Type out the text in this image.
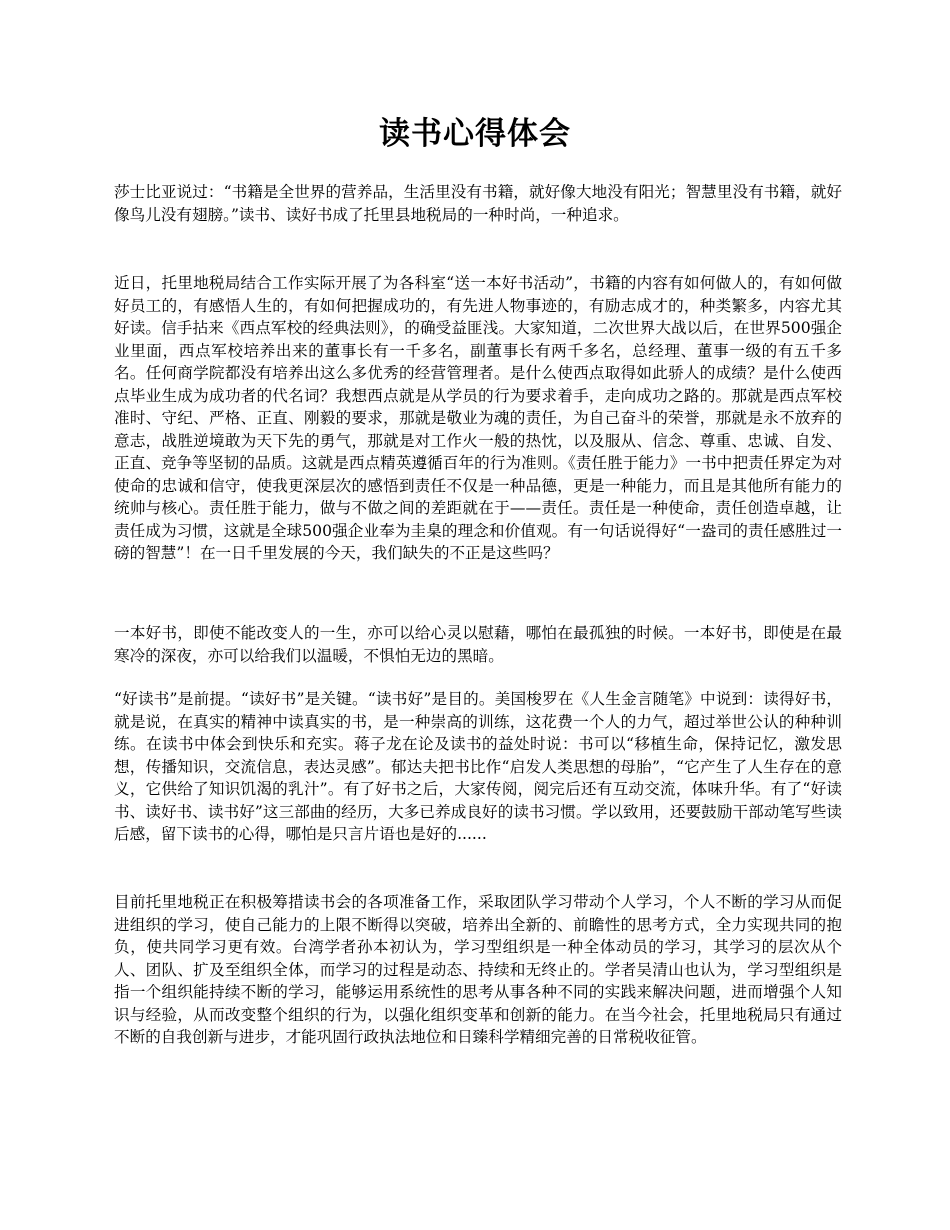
读书心得体会
莎士比亚说过：“书籍是全世界的营养品，生活里没有书籍，就好像大地没有阳光；智慧里没有书籍，就好像鸟儿没有翅膀。”读书、读好书成了托里县地税局的一种时尚，一种追求。
近日，托里地税局结合工作实际开展了为各科室“送一本好书活动”，书籍的内容有如何做人的，有如何做好员工的，有感悟人生的，有如何把握成功的，有先进人物事迹的，有励志成才的，种类繁多，内容尤其好读。信手拈来《西点军校的经典法则》，的确受益匪浅。大家知道，二次世界大战以后，在世界500强企业里面，西点军校培养出来的董事长有一千多名，副董事长有两千多名，总经理、董事一级的有五千多名。任何商学院都没有培养出这么多优秀的经营管理者。是什么使西点取得如此骄人的成绩？是什么使西点毕业生成为成功者的代名词？我想西点就是从学员的行为要求着手，走向成功之路的。那就是西点军校准时、守纪、严格、正直、刚毅的要求，那就是敬业为魂的责任，为自己奋斗的荣誉，那就是永不放弃的意志，战胜逆境敢为天下先的勇气，那就是对工作火一般的热忱，以及服从、信念、尊重、忠诚、自发、正直、竞争等坚韧的品质。这就是西点精英遵循百年的行为准则。《责任胜于能力》一书中把责任界定为对使命的忠诚和信守，使我更深层次的感悟到责任不仅是一种品德，更是一种能力，而且是其他所有能力的统帅与核心。责任胜于能力，做与不做之间的差距就在于——责任。责任是一种使命，责任创造卓越，让责任成为习惯，这就是全球500强企业奉为圭臬的理念和价值观。有一句话说得好“一盎司的责任感胜过一磅的智慧”！在一日千里发展的今天，我们缺失的不正是这些吗？
一本好书，即使不能改变人的一生，亦可以给心灵以慰藉，哪怕在最孤独的时候。一本好书，即使是在最寒冷的深夜，亦可以给我们以温暖，不惧怕无边的黑暗。
“好读书”是前提。“读好书”是关键。“读书好”是目的。美国梭罗在《人生金言随笔》中说到：读得好书，就是说，在真实的精神中读真实的书，是一种崇高的训练，这花费一个人的力气，超过举世公认的种种训练。在读书中体会到快乐和充实。蒋子龙在论及读书的益处时说：书可以“移植生命，保持记忆，激发思想，传播知识，交流信息，表达灵感”。郁达夫把书比作“启发人类思想的母胎”，“它产生了人生存在的意义，它供给了知识饥渴的乳汁”。有了好书之后，大家传阅，阅完后还有互动交流，体味升华。有了“好读书、读好书、读书好”这三部曲的经历，大多已养成良好的读书习惯。学以致用，还要鼓励干部动笔写些读后感，留下读书的心得，哪怕是只言片语也是好的......
目前托里地税正在积极筹措读书会的各项准备工作，采取团队学习带动个人学习，个人不断的学习从而促进组织的学习，使自己能力的上限不断得以突破，培养出全新的、前瞻性的思考方式，全力实现共同的抱负，使共同学习更有效。台湾学者孙本初认为，学习型组织是一种全体动员的学习，其学习的层次从个人、团队、扩及至组织全体，而学习的过程是动态、持续和无终止的。学者吴清山也认为，学习型组织是指一个组织能持续不断的学习，能够运用系统性的思考从事各种不同的实践来解决问题，进而增强个人知识与经验，从而改变整个组织的行为，以强化组织变革和创新的能力。在当今社会，托里地税局只有通过不断的自我创新与进步，才能巩固行政执法地位和日臻科学精细完善的日常税收征管。
